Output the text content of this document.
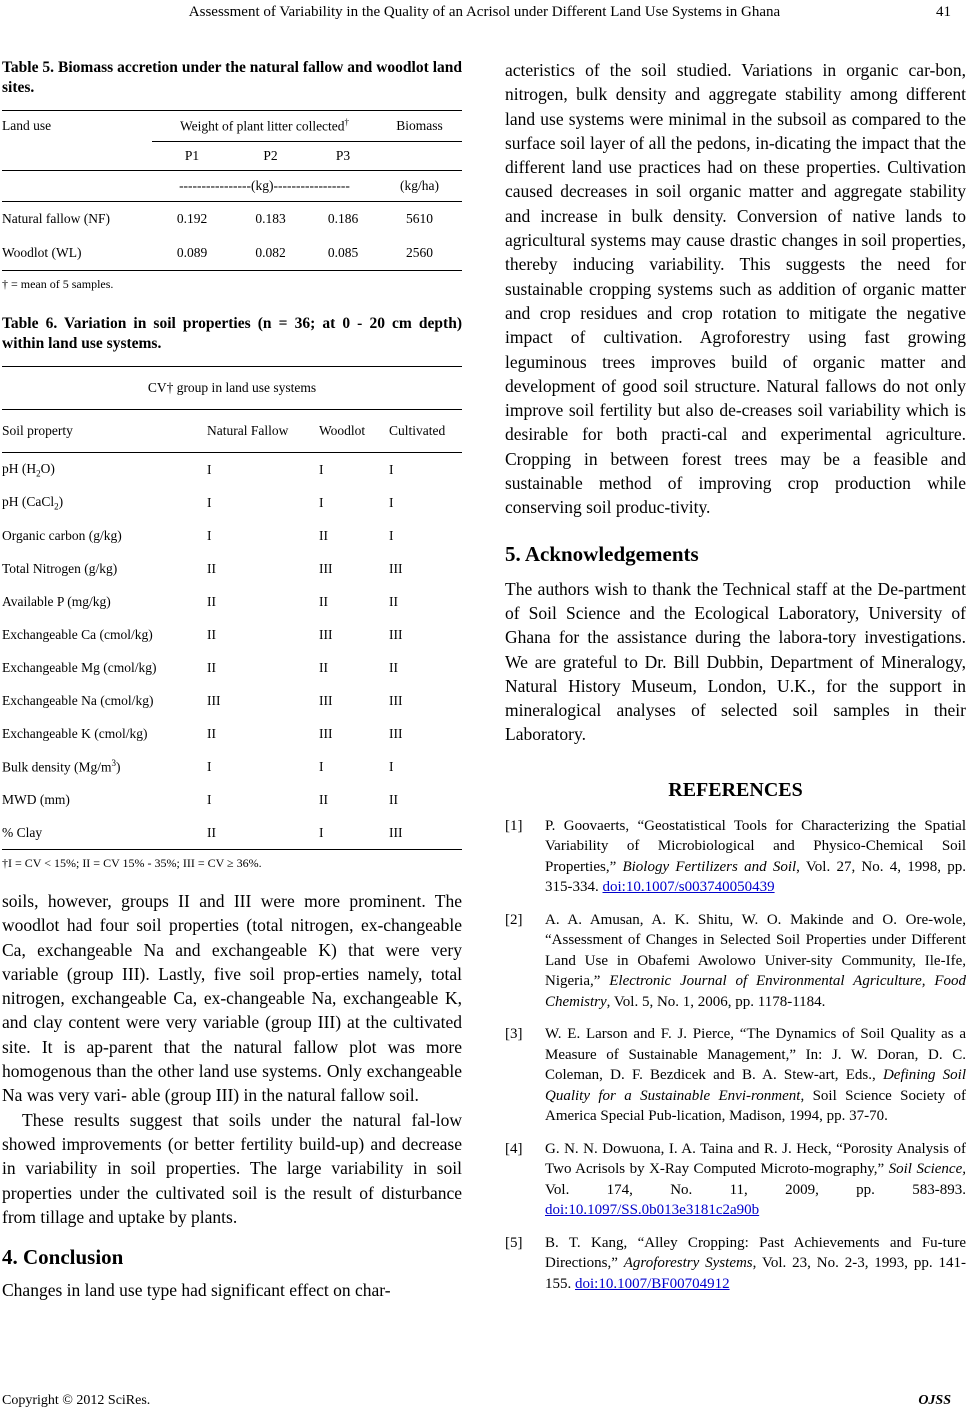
Assessment of Variability in the Quality of an Acrisol under Different Land Use Systems in Ghana	41
Table 5. Biomass accretion under the natural fallow and woodlot land sites.
Land use	Weight of plant litter collected†	Biomass
P1	P2	P3
----------------(kg)-----------------	(kg/ha)
Natural fallow (NF)	0.192	0.183	0.186	5610
Woodlot (WL)	0.089	0.082	0.085	2560
† = mean of 5 samples.
Table 6. Variation in soil properties (n = 36; at 0 - 20 cm depth) within land use systems.
CV† group in land use systems
Soil property	Natural Fallow	Woodlot	Cultivated
pH $(H_2O)$	I	I	I
pH (CaCl$_2$)	I	I	I
Organic carbon (g/kg)	I	II	I
Total Nitrogen (g/kg)	II	III	III
Available P (mg/kg)	II	II	II
Exchangeable Ca (cmol/kg)	II	III	III
Exchangeable Mg (cmol/kg)	II	II	II
Exchangeable Na (cmol/kg)	III	III	III
Exchangeable K (cmol/kg)	II	III	III
Bulk density $(Mg/m^3)$	I	I	I
MWD (mm)	I	II	II
% Clay	II	I	III
†I = CV < 15%; II = CV 15% - 35%; III = CV ≥ 36%.

soils, however, groups II and III were more prominent. The woodlot had four soil properties (total nitrogen, ex-changeable Ca, exchangeable Na and exchangeable K) that were very variable (group III). Lastly, five soil prop-erties namely, total nitrogen, exchangeable Ca, ex-changeable Na, exchangeable K, and clay content were very variable (group III) at the cultivated site. It is ap-parent that the natural fallow plot was more homogenous than the other land use systems. Only exchangeable Na was very vari- able (group III) in the natural fallow soil.

These results suggest that soils under the natural fal-low showed improvements (or better fertility build-up) and decrease in variability in soil properties. The large variability in soil properties under the cultivated soil is the result of disturbance from tillage and uptake by plants.

4. Conclusion

Changes in land use type had significant effect on char-

acteristics of the soil studied. Variations in organic car-bon, nitrogen, bulk density and aggregate stability among different land use systems were minimal in the subsoil as compared to the surface soil layer of all the pedons, in-dicating the impact that the different land use practices had on these properties. Cultivation caused decreases in soil organic matter and aggregate stability and increase in bulk density. Conversion of native lands to agricultural systems may cause drastic changes in soil properties, thereby inducing variability. This suggests the need for sustainable cropping systems such as addition of organic matter and crop residues and crop rotation to mitigate the negative impact of cultivation. Agroforestry using fast growing leguminous trees improves build of organic matter and development of good soil structure. Natural fallows do not only improve soil fertility but also de-creases soil variability which is desirable for both practi-cal and experimental agriculture. Cropping in between forest trees may be a feasible and sustainable method of improving crop production while conserving soil produc-tivity.

5. Acknowledgements

The authors wish to thank the Technical staff at the De-partment of Soil Science and the Ecological Laboratory, University of Ghana for the assistance during the labora-tory investigations. We are grateful to Dr. Bill Dubbin, Department of Mineralogy, Natural History Museum, London, U.K., for the support in mineralogical analyses of selected soil samples in their Laboratory.

REFERENCES

[1]	P. Goovaerts, “Geostatistical Tools for Characterizing the Spatial Variability of Microbiological and Physico-Chemical Soil Properties,” Biology Fertilizers and Soil, Vol. 27, No. 4, 1998, pp. 315-334. doi:10.1007/s003740050439
[2]	A. A. Amusan, A. K. Shitu, W. O. Makinde and O. Ore-wole, “Assessment of Changes in Selected Soil Properties under Different Land Use in Obafemi Awolowo Univer-sity Community, Ile-Ife, Nigeria,” Electronic Journal of Environmental Agriculture, Food Chemistry, Vol. 5, No. 1, 2006, pp. 1178-1184.
[3]	W. E. Larson and F. J. Pierce, “The Dynamics of Soil Quality as a Measure of Sustainable Management,” In: J. W. Doran, D. C. Coleman, D. F. Bezdicek and B. A. Stew-art, Eds., Defining Soil Quality for a Sustainable Envi-ronment, Soil Science Society of America Special Pub-lication, Madison, 1994, pp. 37-70.
[4]	G. N. N. Dowuona, I. A. Taina and R. J. Heck, “Porosity Analysis of Two Acrisols by X-Ray Computed Microto-mography,” Soil Science, Vol. 174, No. 11, 2009, pp. 583-893. doi:10.1097/SS.0b013e3181c2a90b
[5]	B. T. Kang, “Alley Cropping: Past Achievements and Fu-ture Directions,” Agroforestry Systems, Vol. 23, No. 2-3, 1993, pp. 141-155. doi:10.1007/BF00704912
Copyright © 2012 SciRes.	OJSS
